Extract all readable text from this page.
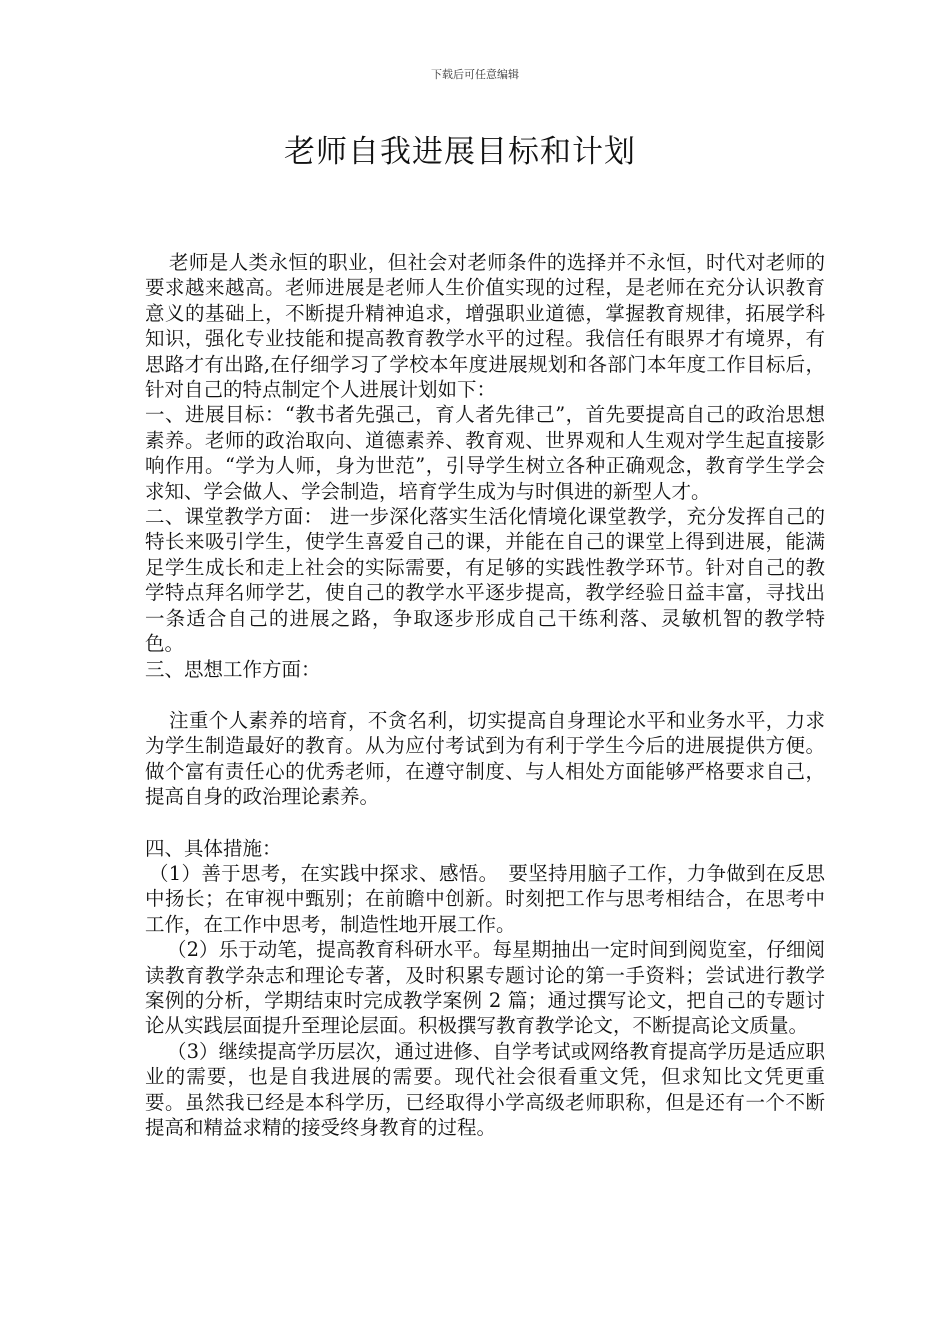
下载后可任意编辑
老师自我进展目标和计划

老师是人类永恒的职业，但社会对老师条件的选择并不永恒，时代对老师的要求越来越高。老师进展是老师人生价值实现的过程，是老师在充分认识教育意义的基础上，不断提升精神追求，增强职业道德，掌握教育规律，拓展学科知识，强化专业技能和提高教育教学水平的过程。我信任有眼界才有境界，有思路才有出路,在仔细学习了学校本年度进展规划和各部门本年度工作目标后，针对自己的特点制定个人进展计划如下：

一、进展目标：“教书者先强己，育人者先律己”，首先要提高自己的政治思想素养。老师的政治取向、道德素养、教育观、世界观和人生观对学生起直接影响作用。“学为人师，身为世范”，引导学生树立各种正确观念，教育学生学会求知、学会做人、学会制造，培育学生成为与时俱进的新型人才。

二、课堂教学方面： 进一步深化落实生活化情境化课堂教学，充分发挥自己的特长来吸引学生，使学生喜爱自己的课，并能在自己的课堂上得到进展，能满足学生成长和走上社会的实际需要，有足够的实践性教学环节。针对自己的教学特点拜名师学艺，使自己的教学水平逐步提高，教学经验日益丰富，寻找出一条适合自己的进展之路，争取逐步形成自己干练利落、灵敏机智的教学特色。

三、思想工作方面：

注重个人素养的培育，不贪名利，切实提高自身理论水平和业务水平，力求为学生制造最好的教育。从为应付考试到为有利于学生今后的进展提供方便。做个富有责任心的优秀老师，在遵守制度、与人相处方面能够严格要求自己，提高自身的政治理论素养。

四、具体措施：

（1）善于思考，在实践中探求、感悟。　要坚持用脑子工作，力争做到在反思中扬长；在审视中甄别；在前瞻中创新。时刻把工作与思考相结合，在思考中工作，在工作中思考，制造性地开展工作。

（2）乐于动笔，提高教育科研水平。每星期抽出一定时间到阅览室，仔细阅读教育教学杂志和理论专著，及时积累专题讨论的第一手资料；尝试进行教学案例的分析，学期结束时完成教学案例 2 篇；通过撰写论文，把自己的专题讨论从实践层面提升至理论层面。积极撰写教育教学论文，不断提高论文质量。

（3）继续提高学历层次，通过进修、自学考试或网络教育提高学历是适应职业的需要，也是自我进展的需要。现代社会很看重文凭，但求知比文凭更重要。虽然我已经是本科学历，已经取得小学高级老师职称，但是还有一个不断提高和精益求精的接受终身教育的过程。
